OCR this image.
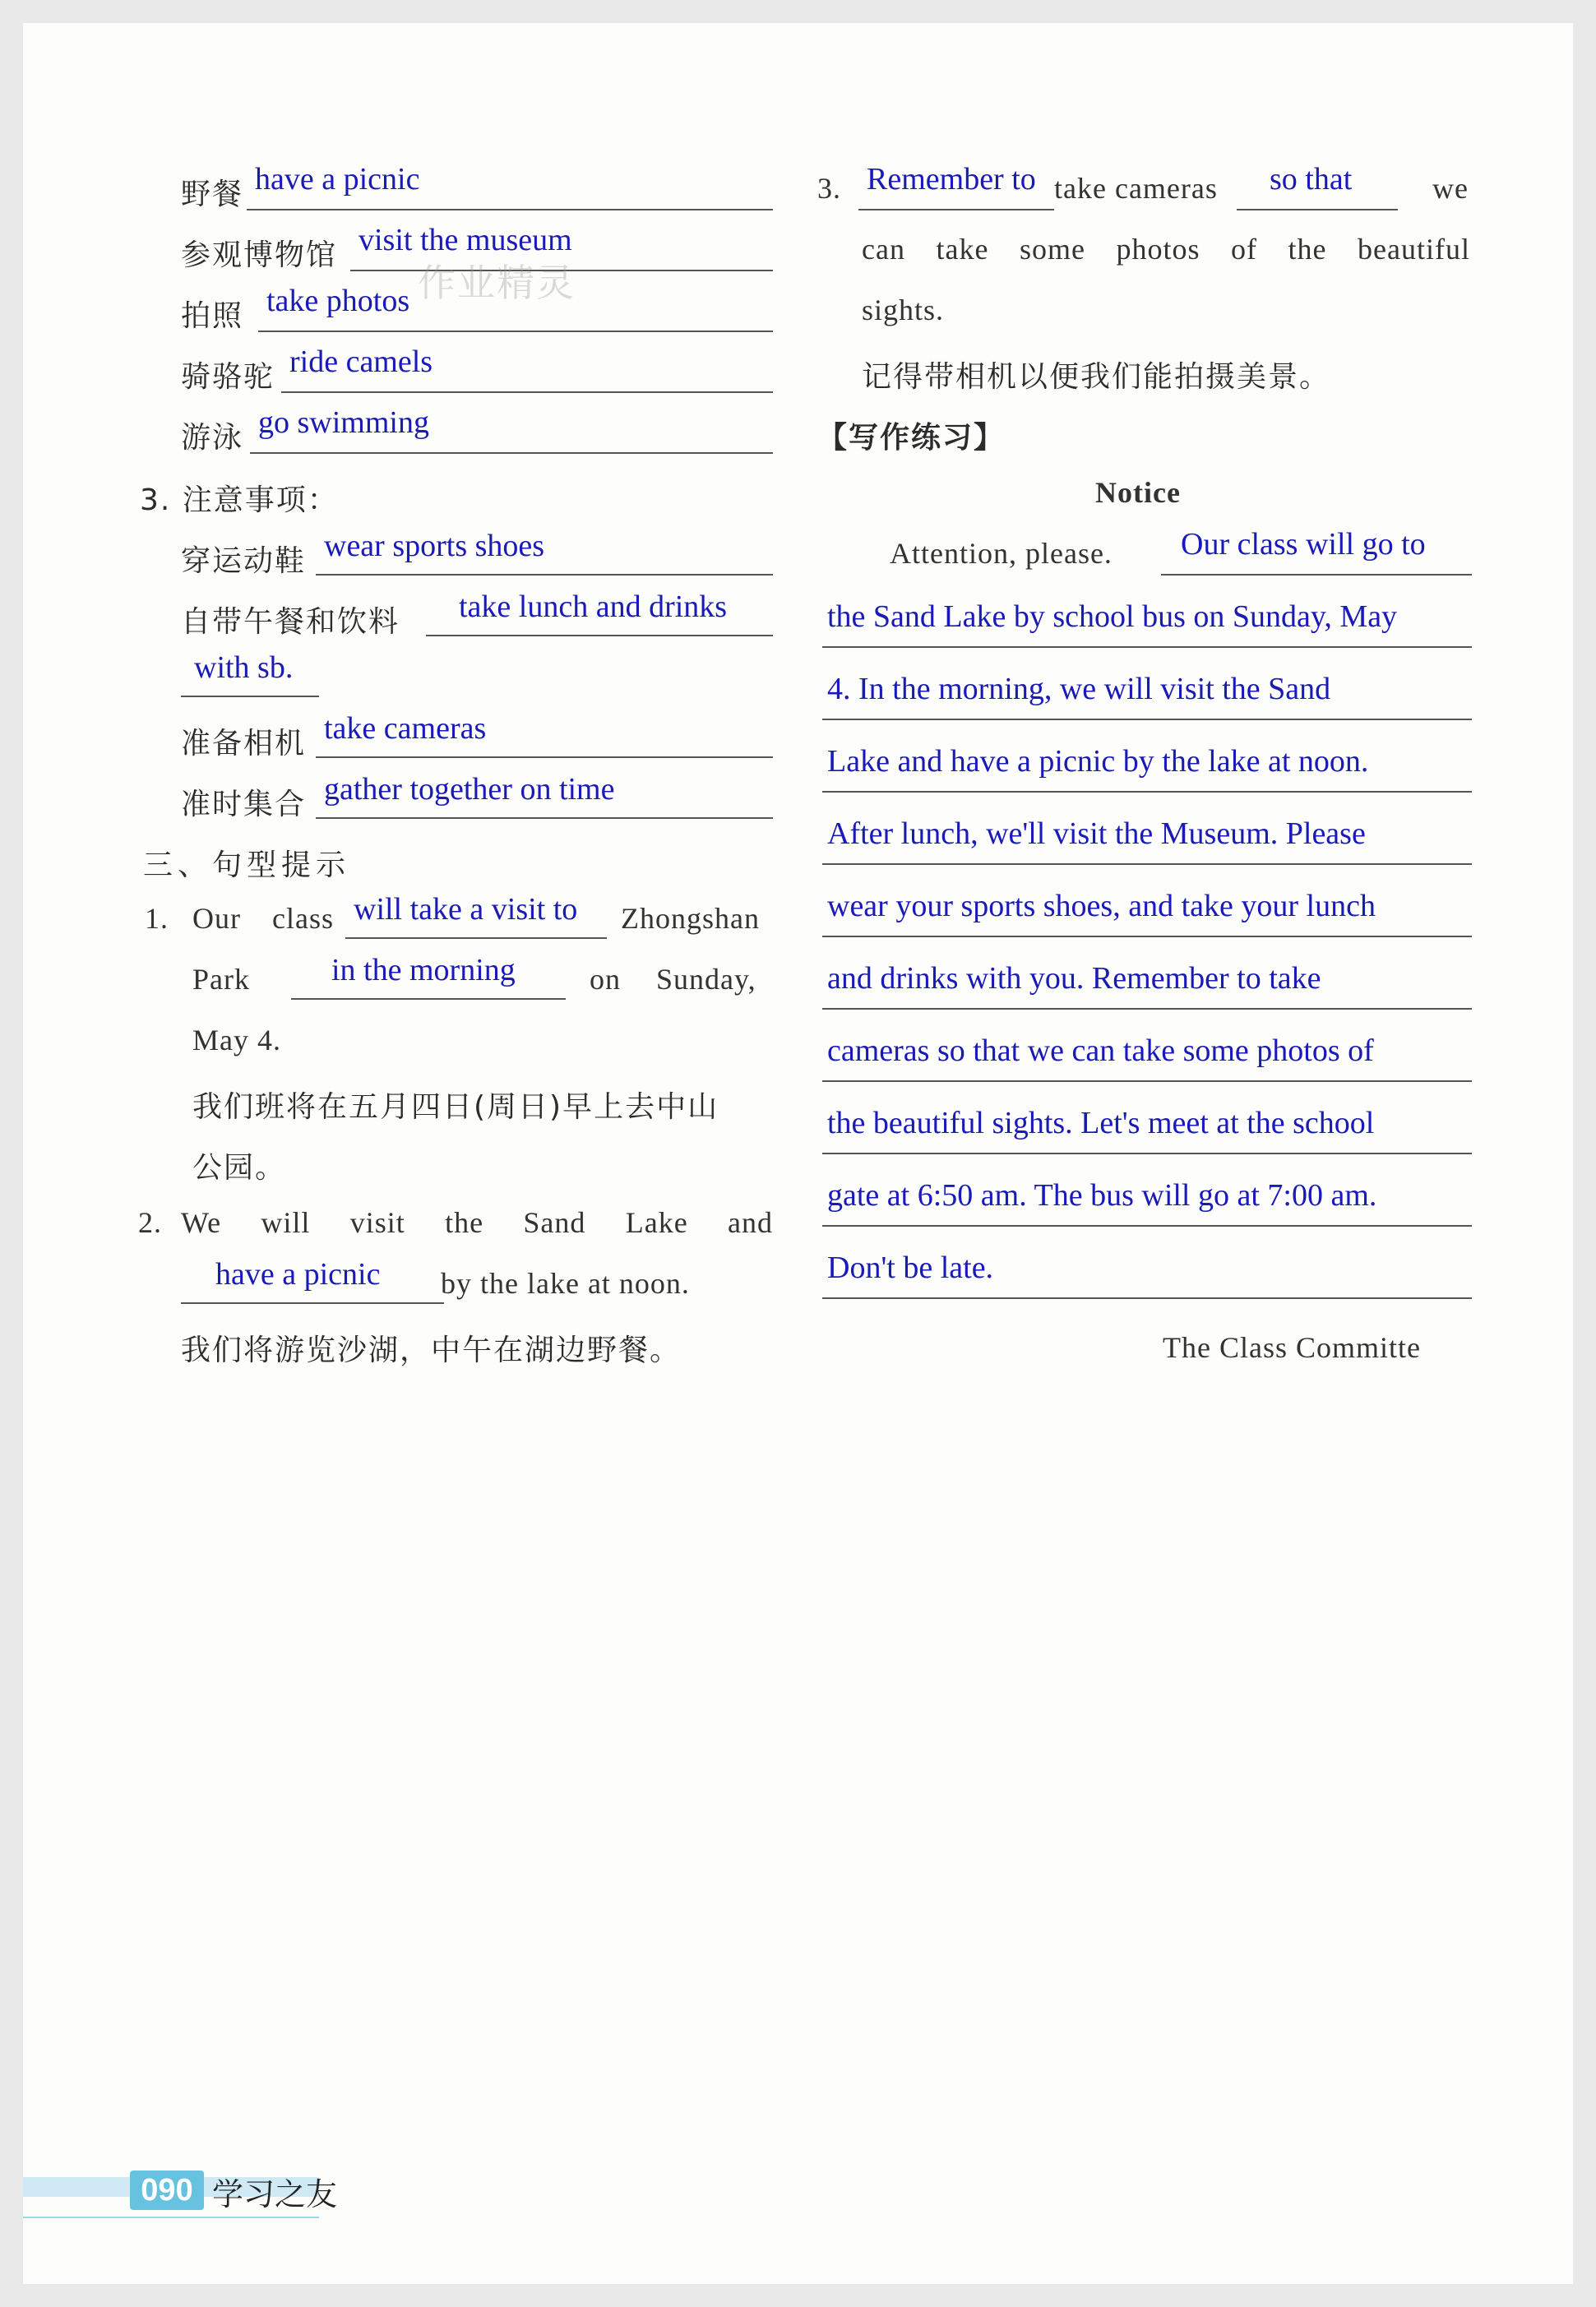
野餐 have a picnic
参观博物馆 visit the museum
作业精灵
拍照 take photos
骑骆驼 ride camels
游泳 go swimming
3. 注意事项：
穿运动鞋 wear sports shoes
自带午餐和饮料 take lunch and drinks
with sb.
准备相机 take cameras
准时集合 gather together on time
三、句型提示
1. Our class will take a visit to Zhongshan
Park	in the morning	on Sunday,
May 4.
我们班将在五月四日(周日)早上去中山
公园。
2. We will visit the Sand Lake and
have a picnic by the lake at noon.
我们将游览沙湖，中午在湖边野餐。
3. Remember to take cameras so that	we
can take some photos of the beautiful
sights.
记得带相机以便我们能拍摄美景。
【写作练习】
Notice
Attention, please. Our class will go to
the Sand Lake by school bus on Sunday, May
4. In the morning, we will visit the Sand
Lake and have a picnic by the lake at noon.
After lunch, we'll visit the Museum. Please
wear your sports shoes, and take your lunch
and drinks with you. Remember to take
cameras so that we can take some photos of
the beautiful sights. Let's meet at the school
gate at 6:50 am. The bus will go at 7:00 am.
Don't be late.
The Class Committe
090 学习之友
